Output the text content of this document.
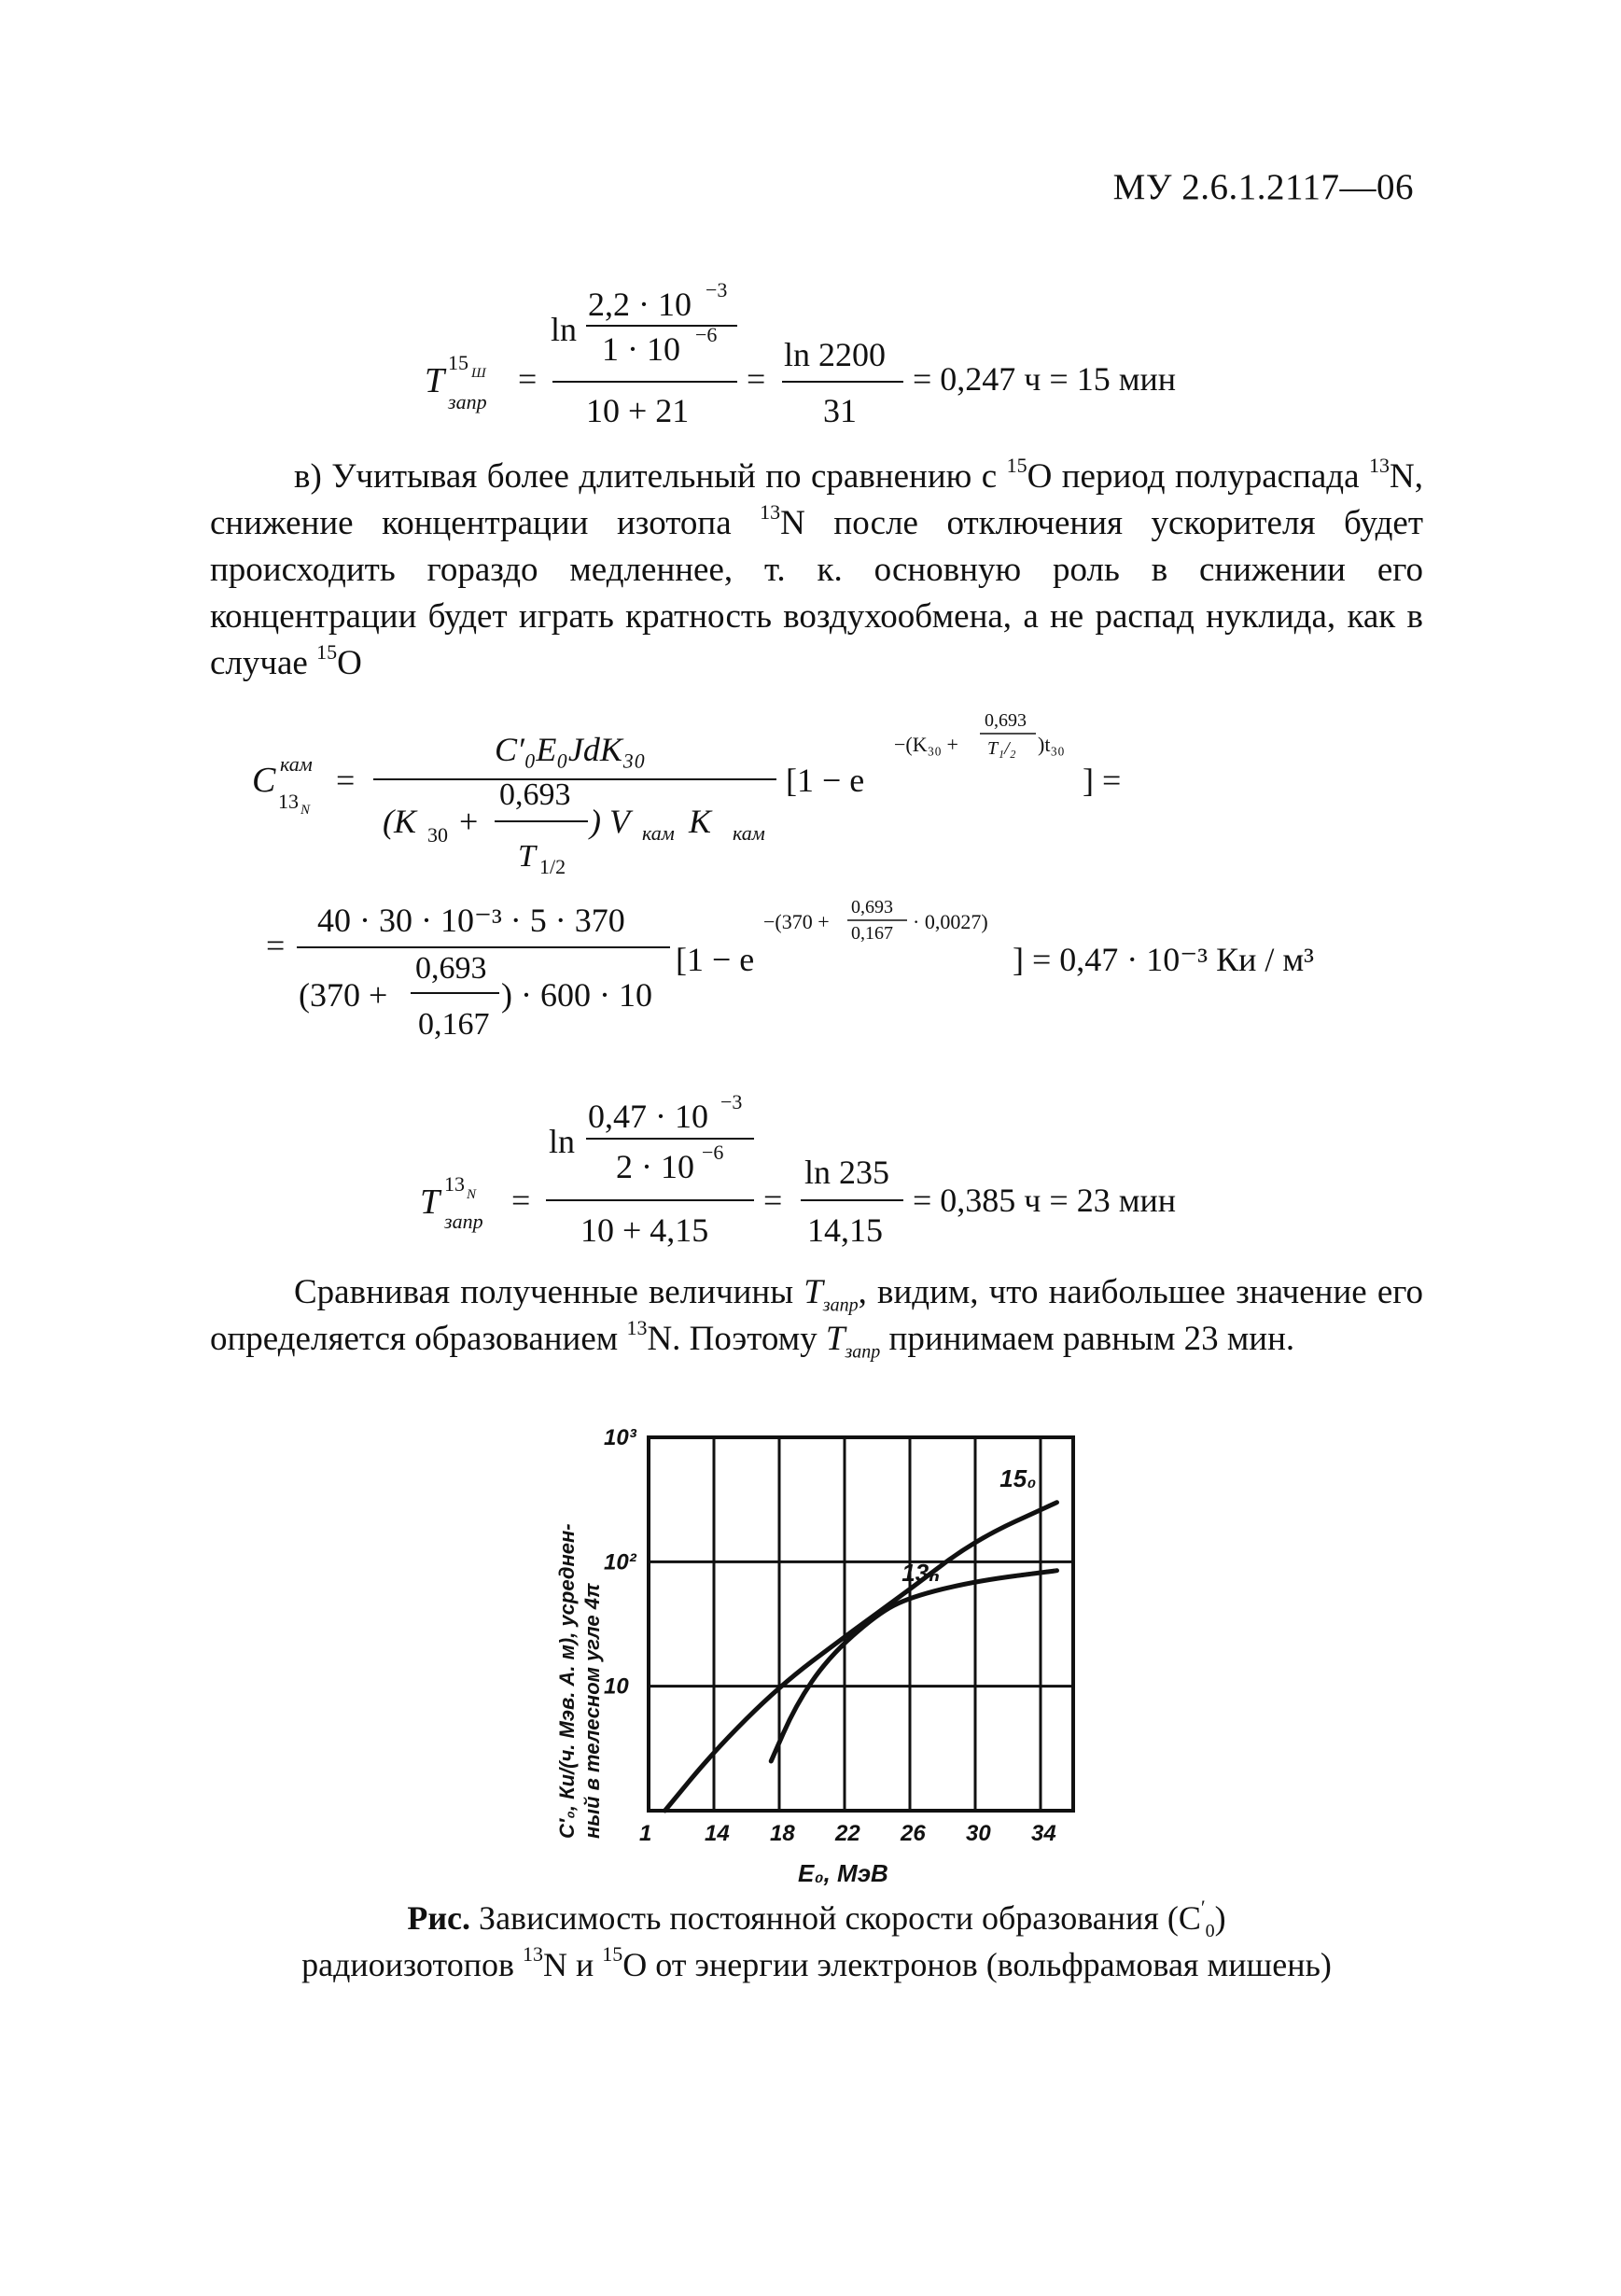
МУ 2.6.1.2117—06
ln
2,2 · 10 −3
1 · 10 −6
T 15 Ш
запр
=
10 + 21
=
ln 2200
31
= 0,247 ч = 15 мин
в) Учитывая более длительный по сравнению с $^{15}$O период полураспада $^{13}$N, снижение концентрации изотопа $^{13}$N после отключения ускорителя будет происходить гораздо медленнее, т. к. основную роль в снижении его концентрации будет играть кратность воздухообмена, а не распад нуклида, как в случае $^{15}$O
C кам
13 N
=
C′₀E₀JdK₃₀
(K 30 +
0,693
T 1/2
) V кам K кам
[1 − e
−(K₃₀ +
0,693
T₁/₂ )t₃₀
] =
=
40 · 30 · 10⁻³ · 5 · 370
(370 +
0,693
0,167
) · 600 · 10
[1 − e
−(370 +
0,693
0,167 · 0,0027)
] = 0,47 · 10⁻³ Ки / м³
ln
0,47 · 10 −3
2 · 10 −6
T 13 N
запр
=
10 + 4,15
=
ln 235
14,15
= 0,385 ч = 23 мин
Сравнивая полученные величины $T_{запр}$, видим, что наибольшее значение его определяется образованием $^{13}$N. Поэтому $T_{запр}$ принимаем равным 23 мин.
15₀
13ₙ
1 14 18 22 26 30 34
10³
10²
10
C′₀, Ки/(ч. Мэв. А. м), усреднен- ный в телесном угле 4π
E₀, МэВ
Рис. Зависимость постоянной скорости образования $(C'_0)$
радиоизотопов $^{13}$N и $^{15}$O от энергии электронов (вольфрамовая мишень)
